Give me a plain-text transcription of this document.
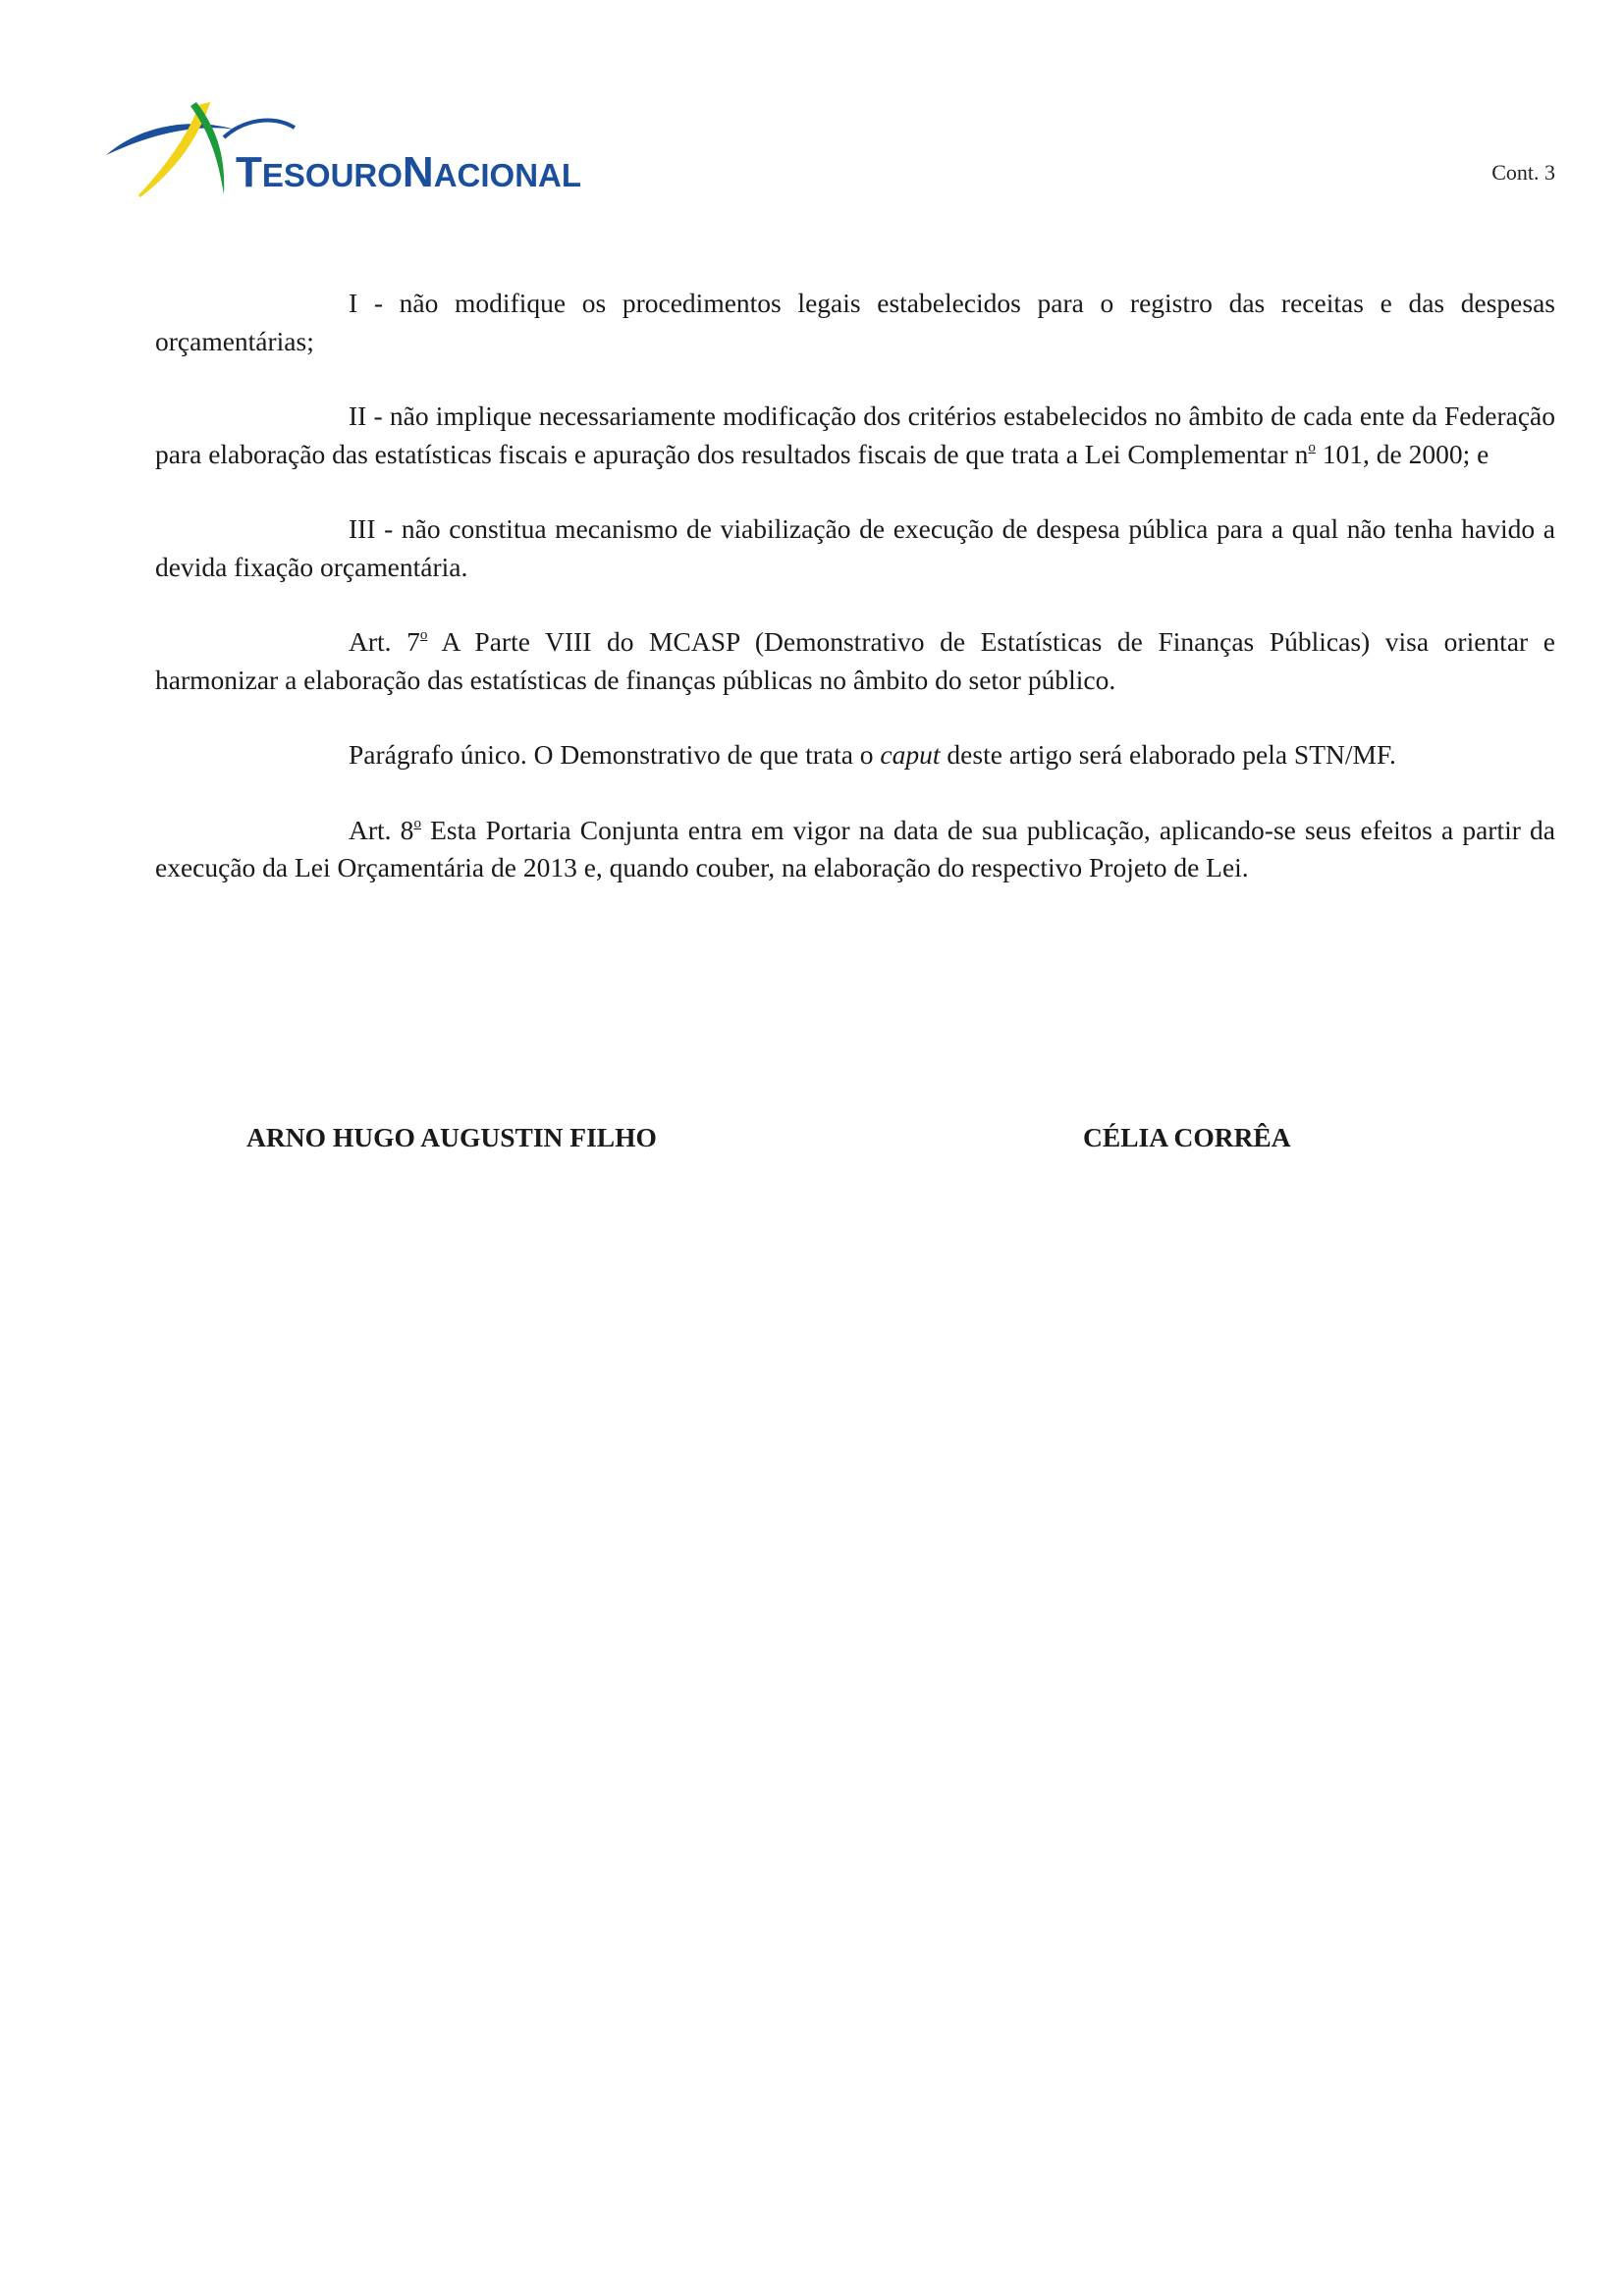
TESOURONACIONAL	Cont. 3

I - não modifique os procedimentos legais estabelecidos para o registro das receitas e das despesas orçamentárias;

II - não implique necessariamente modificação dos critérios estabelecidos no âmbito de cada ente da Federação para elaboração das estatísticas fiscais e apuração dos resultados fiscais de que trata a Lei Complementar $n^o$ 101, de 2000; e

III - não constitua mecanismo de viabilização de execução de despesa pública para a qual não tenha havido a devida fixação orçamentária.

Art. 7$^o$ A Parte VIII do MCASP (Demonstrativo de Estatísticas de Finanças Públicas) visa orientar e harmonizar a elaboração das estatísticas de finanças públicas no âmbito do setor público.

Parágrafo único. O Demonstrativo de que trata o caput deste artigo será elaborado pela STN/MF.

Art. 8$^o$ Esta Portaria Conjunta entra em vigor na data de sua publicação, aplicando-se seus efeitos a partir da execução da Lei Orçamentária de 2013 e, quando couber, na elaboração do respectivo Projeto de Lei.

ARNO HUGO AUGUSTIN FILHO	CÉLIA CORRÊA
